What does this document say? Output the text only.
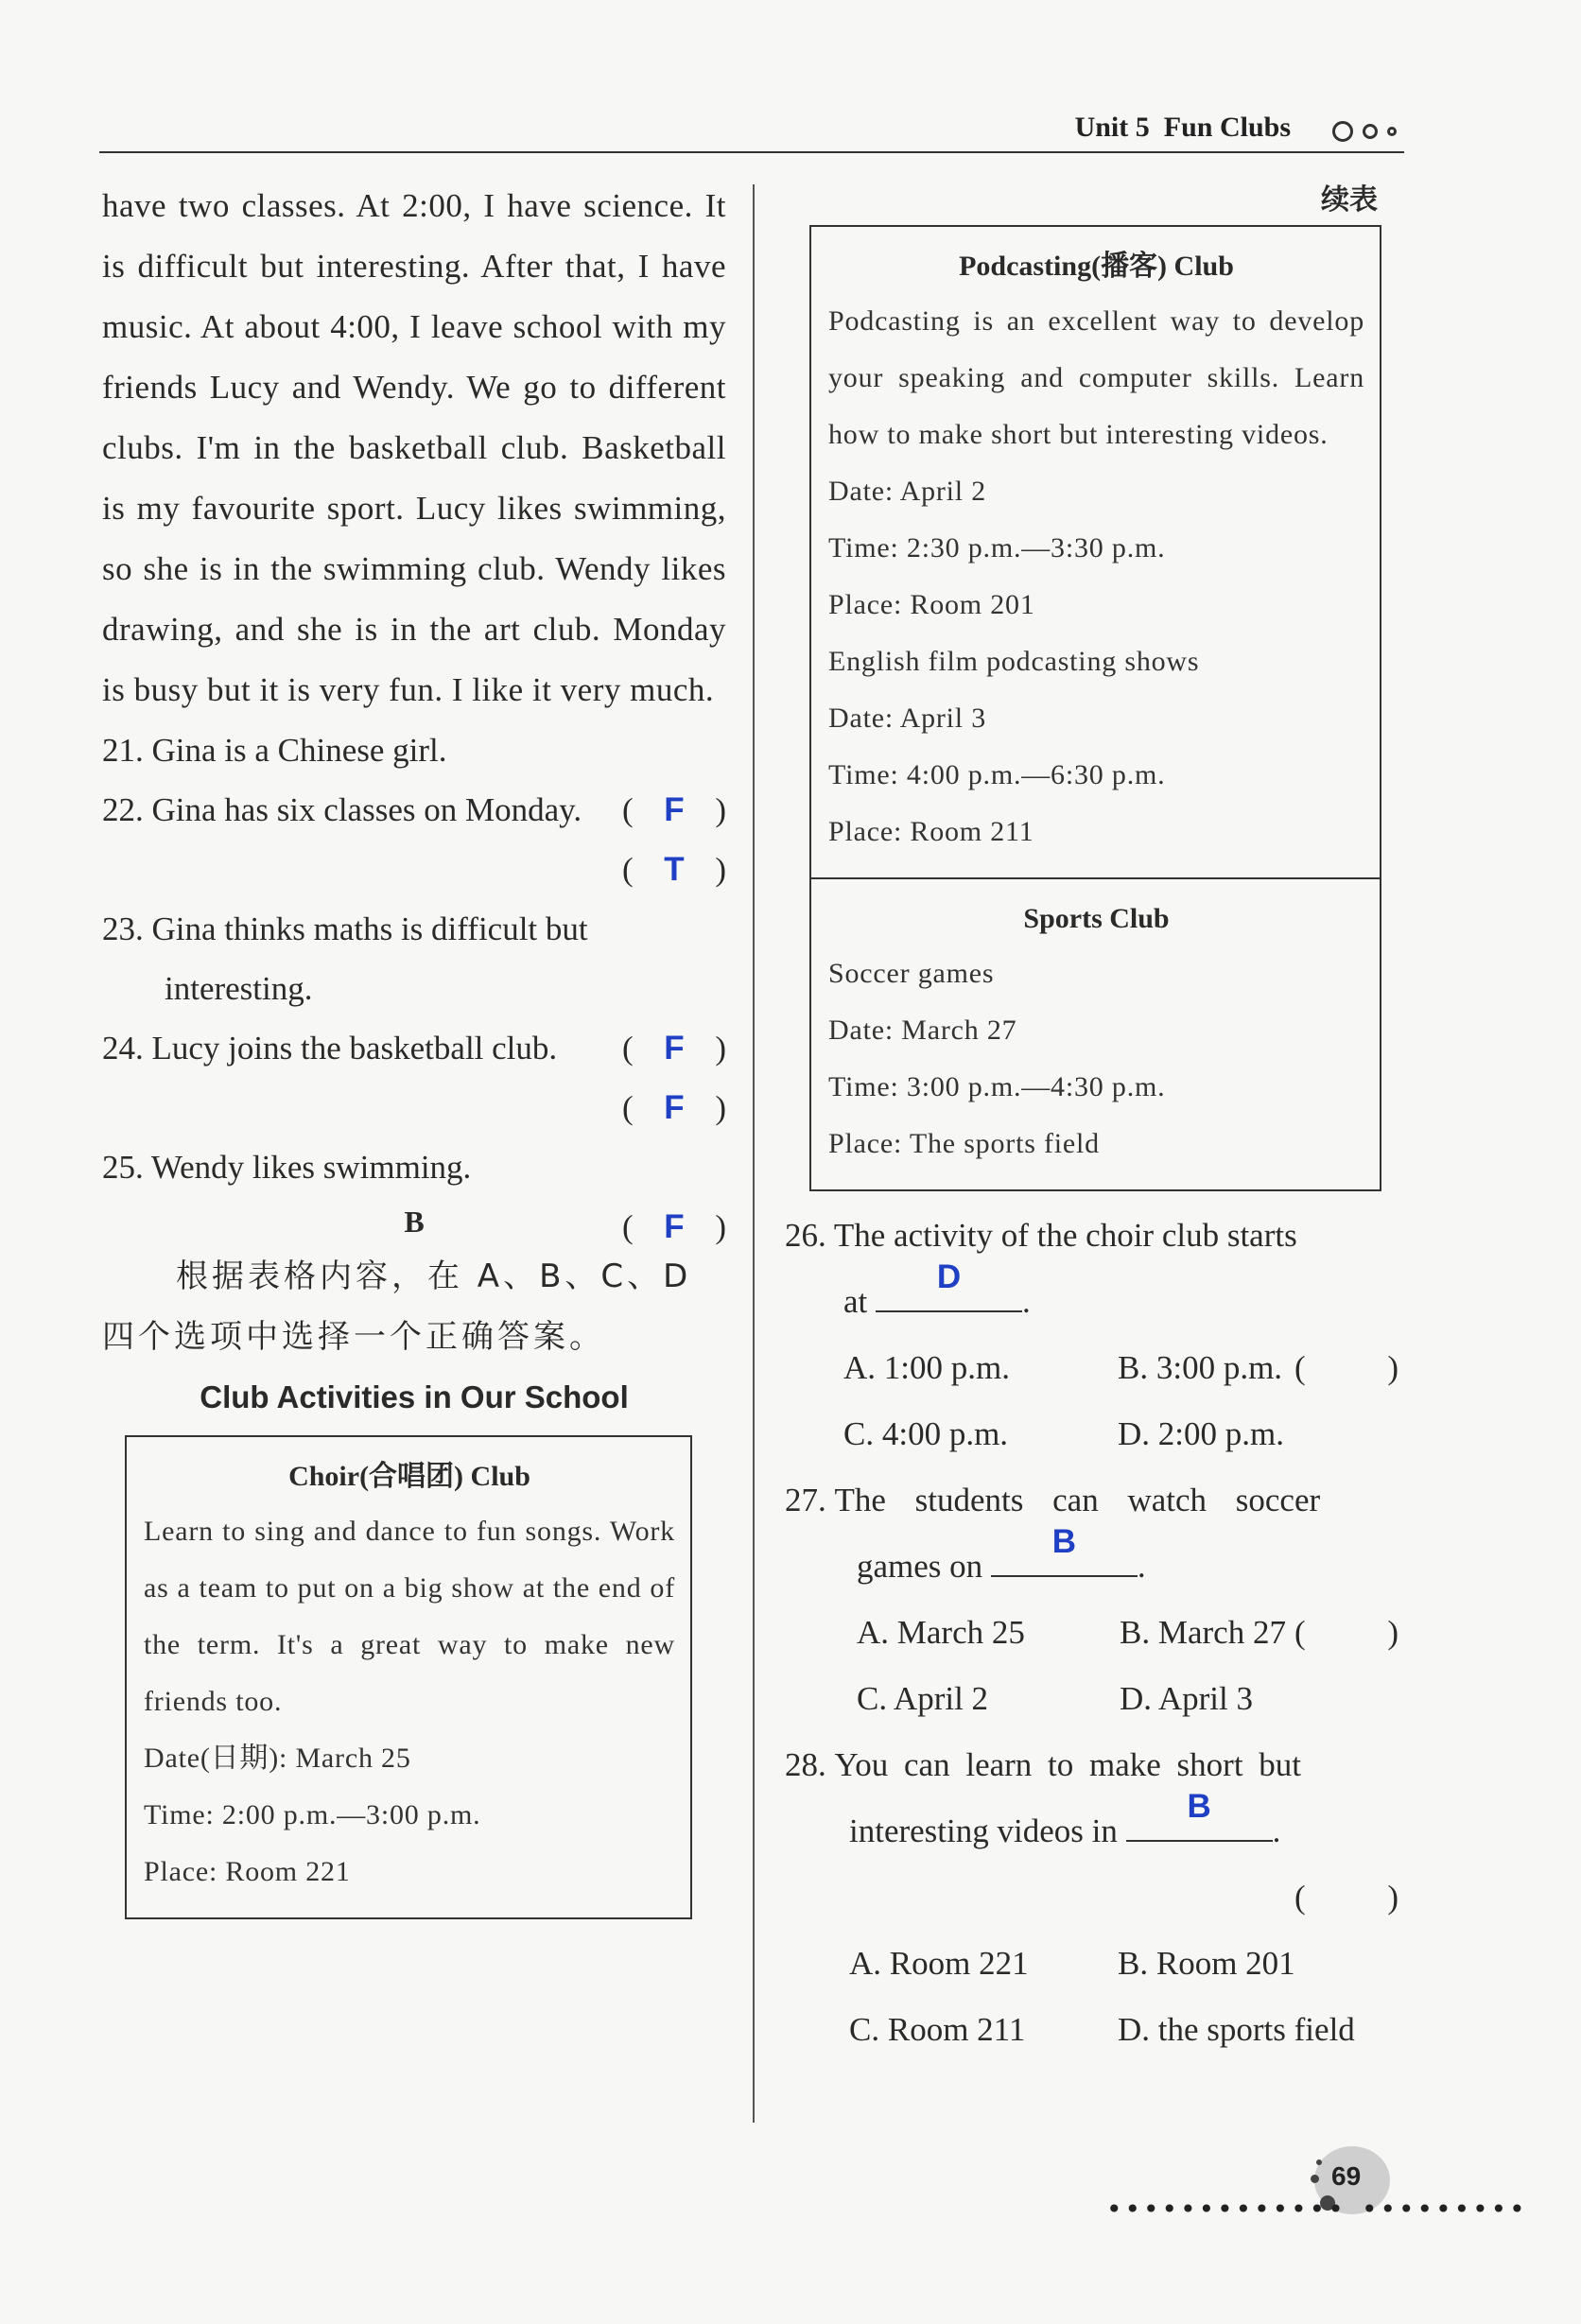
Unit 5 Fun Clubs
have two classes. At 2:00, I have science. It is difficult but interesting. After that, I have music. At about 4:00, I leave school with my friends Lucy and Wendy. We go to different clubs. I'm in the basketball club. Basketball is my favourite sport. Lucy likes swimming, so she is in the swimming club. Wendy likes drawing, and she is in the art club. Monday is busy but it is very fun. I like it very much.
21. Gina is a Chinese girl.
( F )
22. Gina has six classes on Monday.
( T )
23. Gina thinks maths is difficult but
interesting.
( F )
24. Lucy joins the basketball club.
( F )
25. Wendy likes swimming.
( F )
B
根据表格内容，在 A、B、C、D
四个选项中选择一个正确答案。
Club Activities in Our School
Choir(合唱团) Club
Learn to sing and dance to fun songs. Work as a team to put on a big show at the end of the term. It's a great way to make new friends too.
Date(日期): March 25
Time: 2:00 p.m.—3:00 p.m.
Place: Room 221
续表
Podcasting(播客) Club
Podcasting is an excellent way to develop your speaking and computer skills. Learn how to make short but interesting videos.
Date: April 2
Time: 2:30 p.m.—3:30 p.m.
Place: Room 201
English film podcasting shows
Date: April 3
Time: 4:00 p.m.—6:30 p.m.
Place: Room 211
Sports Club
Soccer games
Date: March 27
Time: 3:00 p.m.—4:30 p.m.
Place: The sports field
26. The activity of the choir club starts
at
D
.
( )
A. 1:00 p.m.	B. 3:00 p.m.
C. 4:00 p.m.	D. 2:00 p.m.
27. The students can watch soccer
games on
B
.
( )
A. March 25	B. March 27
C. April 2	D. April 3
28. You can learn to make short but
interesting videos in
B
.
( )
A. Room 221	B. Room 201
C. Room 211	D. the sports field
69
••••••••••••• •••••••••
